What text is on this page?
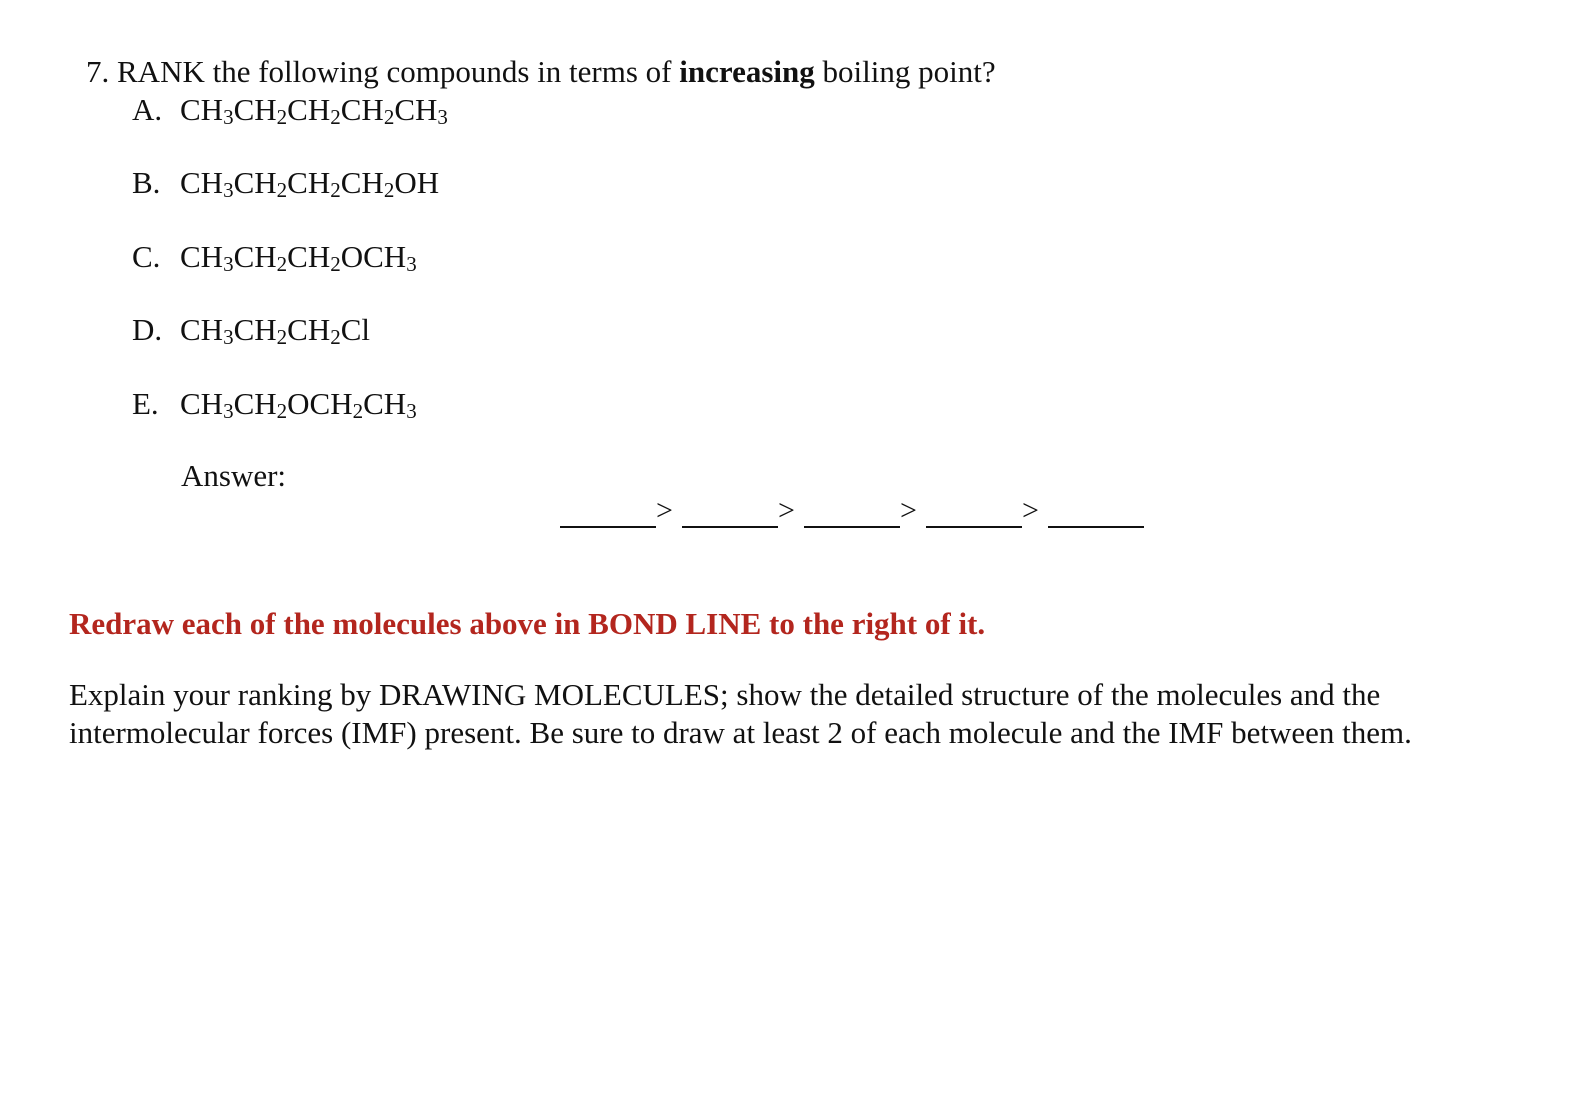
7. RANK the following compounds in terms of increasing boiling point?
A. $CH_3CH_2CH_2CH_2CH_3$
B. $CH_3CH_2CH_2CH_2OH$
C. $CH_3CH_2CH_2OCH_3$
D. $CH_3CH_2CH_2Cl$
E. $CH_3CH_2OCH_2CH_3$
Answer:
>	>	>	>
Redraw each of the molecules above in BOND LINE to the right of it.

Explain your ranking by DRAWING MOLECULES; show the detailed structure of the molecules and the

intermolecular forces (IMF) present. Be sure to draw at least 2 of each molecule and the IMF between them.
